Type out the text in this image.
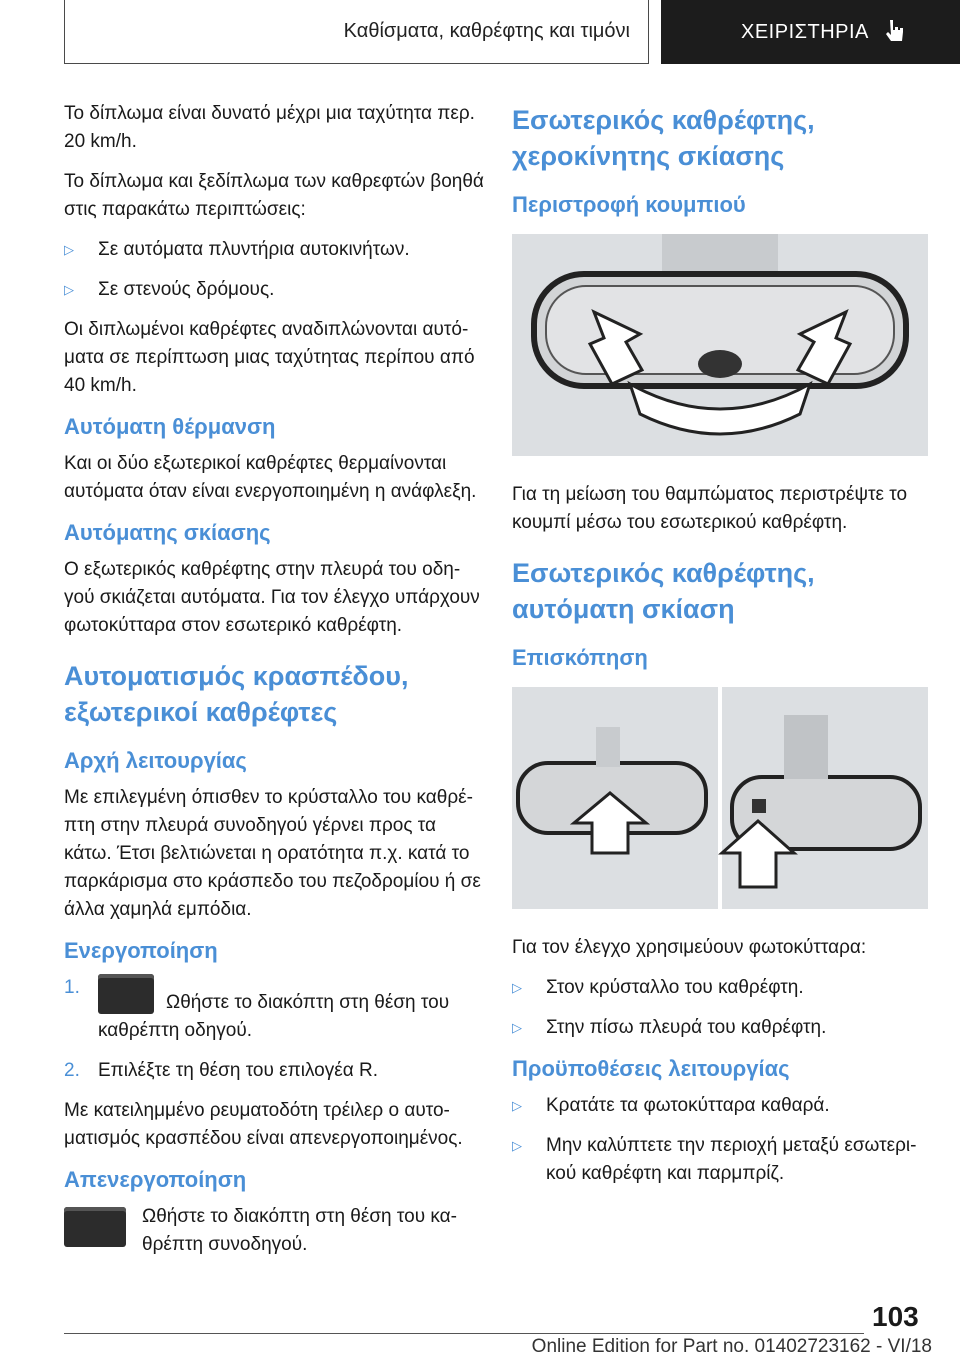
Καθίσματα, καθρέφτης και τιμόνι	ΧΕΙΡΙΣΤΗΡΙΑ

Το δίπλωμα είναι δυνατό μέχρι μια ταχύτητα περ. 20 km/h.

Το δίπλωμα και ξεδίπλωμα των καθρεφτών βοηθά στις παρακάτω περιπτώσεις:

▷	Σε αυτόματα πλυντήρια αυτοκινήτων.
▷	Σε στενούς δρόμους.

Οι διπλωμένοι καθρέφτες αναδιπλώνονται αυτόματα σε περίπτωση μιας ταχύτητας περίπου από 40 km/h.

Αυτόματη θέρμανση

Και οι δύο εξωτερικοί καθρέφτες θερμαίνονται αυτόματα όταν είναι ενεργοποιημένη η ανάφλεξη.

Αυτόματης σκίασης

Ο εξωτερικός καθρέφτης στην πλευρά του οδηγού σκιάζεται αυτόματα. Για τον έλεγχο υπάρχουν φωτοκύτταρα στον εσωτερικό καθρέφτη.

Αυτοματισμός κρασπέδου, εξωτερικοί καθρέφτες
Αρχή λειτουργίας

Με επιλεγμένη όπισθεν το κρύσταλλο του καθρέπτη στην πλευρά συνοδηγού γέρνει προς τα κάτω. Έτσι βελτιώνεται η ορατότητα π.χ. κατά το παρκάρισμα στο κράσπεδο του πεζοδρομίου ή σε άλλα χαμηλά εμπόδια.

Ενεργοποίηση
1.
Ωθήστε το διακόπτη στη θέση του καθρέπτη οδηγού.
2. Επιλέξτε τη θέση του επιλογέα R.

Με κατειλημμένο ρευματοδότη τρέιλερ ο αυτοματισμός κρασπέδου είναι απενεργοποιημένος.

Απενεργοποίηση

Ωθήστε το διακόπτη στη θέση του καθρέπτη συνοδηγού.

Εσωτερικός καθρέφτης, χεροκίνητης σκίασης
Περιστροφή κουμπιού

Για τη μείωση του θαμπώματος περιστρέψτε το κουμπί μέσω του εσωτερικού καθρέφτη.

Εσωτερικός καθρέφτης, αυτόματη σκίαση
Επισκόπηση

Για τον έλεγχο χρησιμεύουν φωτοκύτταρα:

▷	Στον κρύσταλλο του καθρέφτη.
▷	Στην πίσω πλευρά του καθρέφτη.
Προϋποθέσεις λειτουργίας
▷	Κρατάτε τα φωτοκύτταρα καθαρά.
▷	Μην καλύπτετε την περιοχή μεταξύ εσωτερικού καθρέφτη και παρμπρίζ.
103
Online Edition for Part no. 01402723162 - VI/18
